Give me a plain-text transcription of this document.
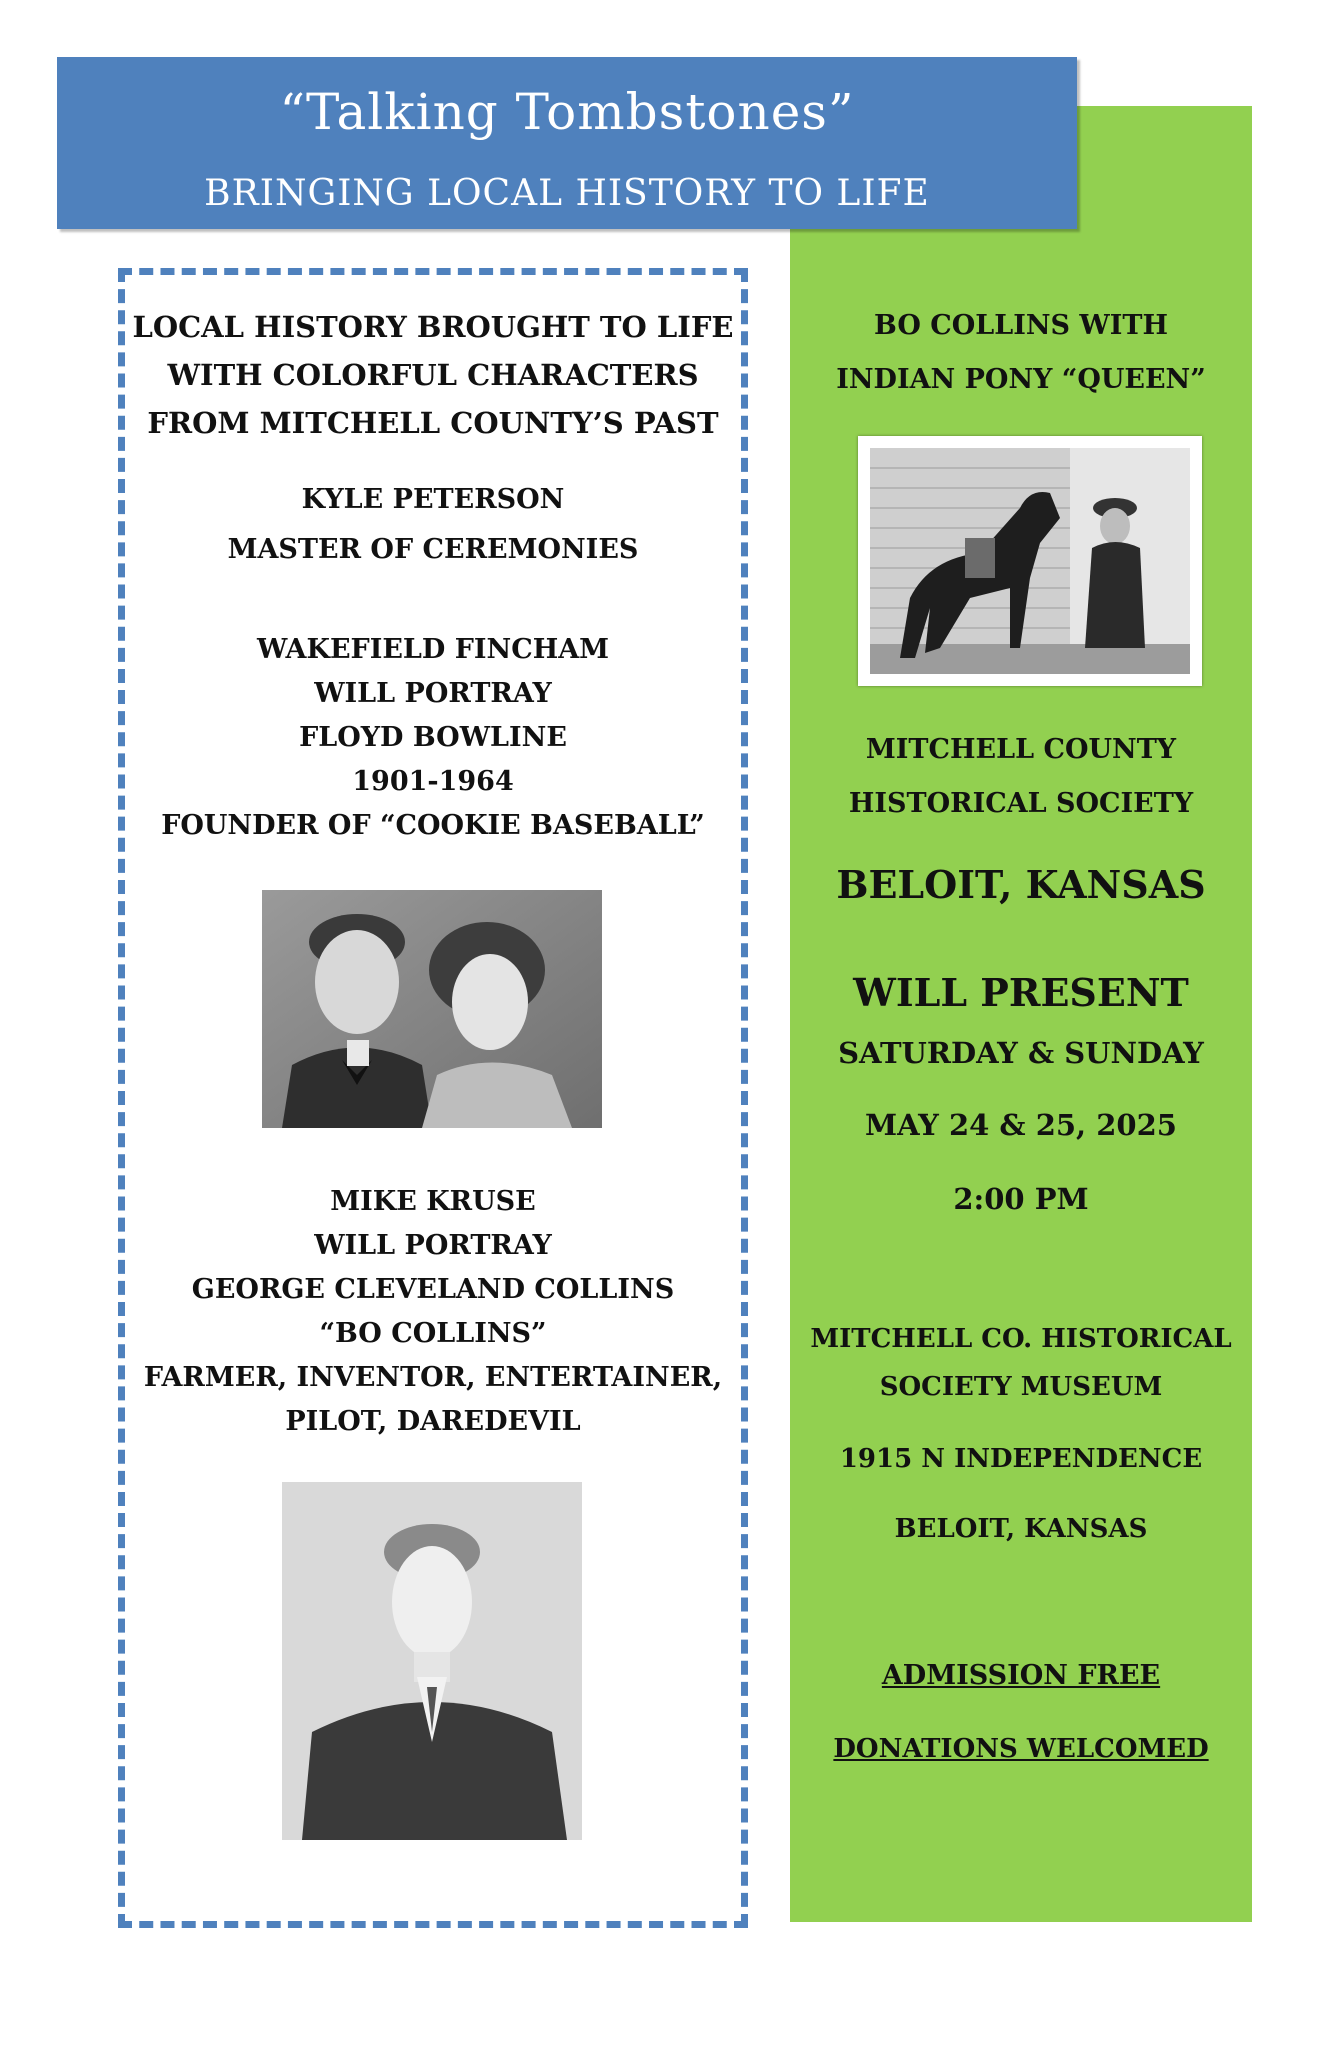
“Talking Tombstones”
BRINGING LOCAL HISTORY TO LIFE
LOCAL HISTORY BROUGHT TO LIFE
WITH COLORFUL CHARACTERS
FROM MITCHELL COUNTY’S PAST
KYLE PETERSON
MASTER OF CEREMONIES
WAKEFIELD FINCHAM
WILL PORTRAY
FLOYD BOWLINE
1901-1964
FOUNDER OF “COOKIE BASEBALL”
MIKE KRUSE
WILL PORTRAY
GEORGE CLEVELAND COLLINS
“BO COLLINS”
FARMER, INVENTOR, ENTERTAINER,
PILOT, DAREDEVIL
BO COLLINS WITH
INDIAN PONY “QUEEN”
MITCHELL COUNTY
HISTORICAL SOCIETY
BELOIT, KANSAS
WILL PRESENT
SATURDAY & SUNDAY
MAY 24 & 25, 2025
2:00 PM
MITCHELL CO. HISTORICAL
SOCIETY MUSEUM
1915 N INDEPENDENCE
BELOIT, KANSAS
ADMISSION FREE
DONATIONS WELCOMED
